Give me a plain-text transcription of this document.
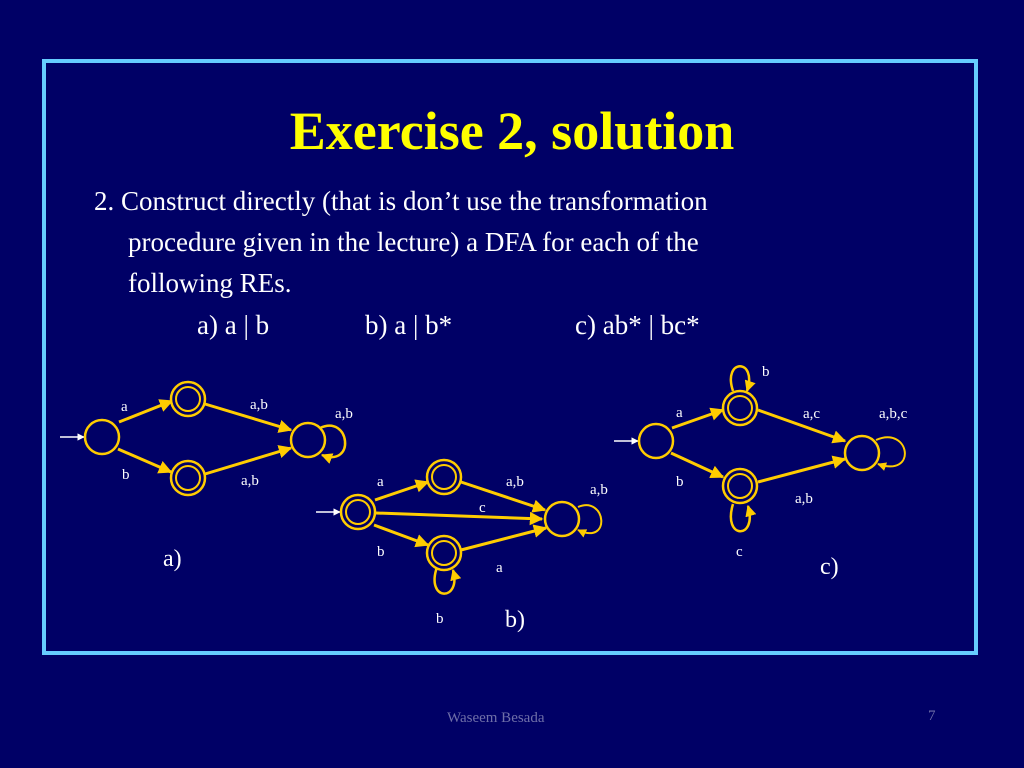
Exercise 2, solution
2. Construct directly (that is don’t use the transformation
procedure given in the lecture) a DFA for each of the
following REs.
a) a | b	b) a | b*	c) ab* | bc*
a
b
a,b
a,b
a,b
a
b
c
a,b
a
b
a,b
a
b
a,c
a,b
b
c
a,b,c
a)
b)
c)
Waseem Besada	7
